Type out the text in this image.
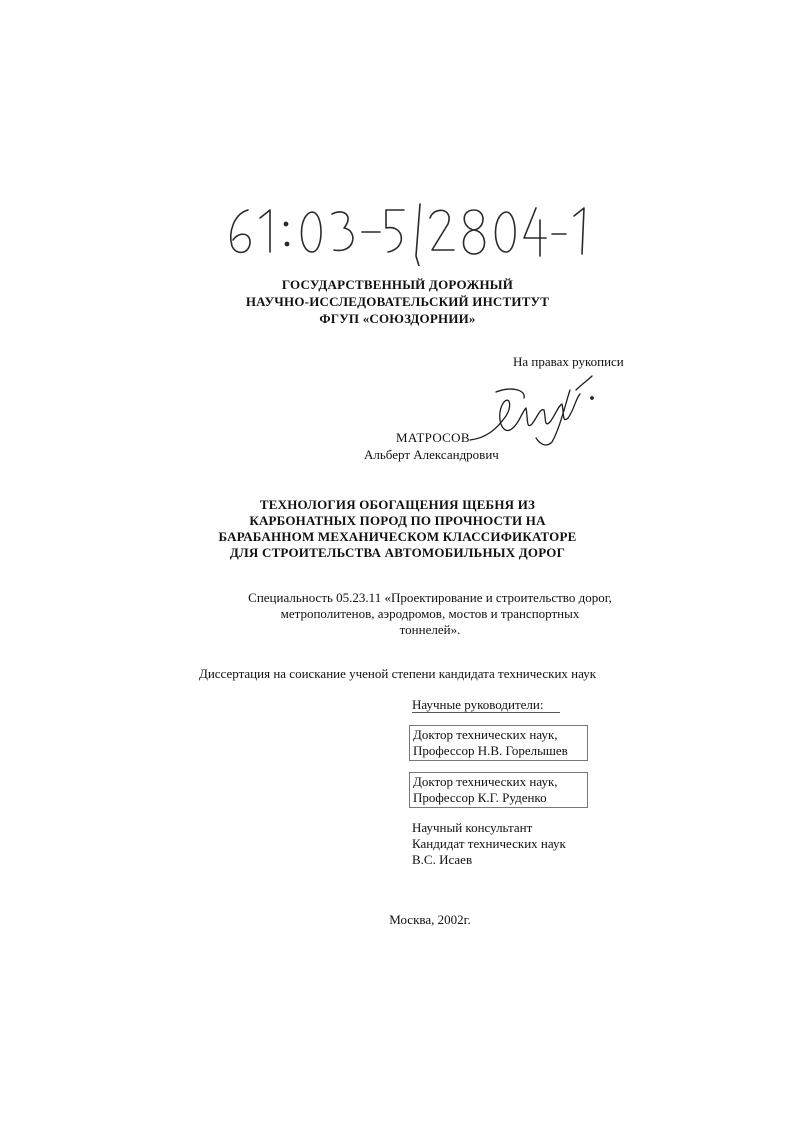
ГОСУДАРСТВЕННЫЙ ДОРОЖНЫЙ
НАУЧНО-ИССЛЕДОВАТЕЛЬСКИЙ ИНСТИТУТ
ФГУП «СОЮЗДОРНИИ»
На правах рукописи
МАТРОСОВ
Альберт Александрович
ТЕХНОЛОГИЯ ОБОГАЩЕНИЯ ЩЕБНЯ ИЗ
КАРБОНАТНЫХ ПОРОД ПО ПРОЧНОСТИ НА
БАРАБАННОМ МЕХАНИЧЕСКОМ КЛАССИФИКАТОРЕ
ДЛЯ СТРОИТЕЛЬСТВА АВТОМОБИЛЬНЫХ ДОРОГ
Специальность 05.23.11 «Проектирование и строительство дорог,
метрополитенов, аэродромов, мостов и транспортных
тоннелей».
Диссертация на соискание ученой степени кандидата технических наук
Научные руководители:
Доктор технических наук,
Профессор Н.В. Горелышев
Доктор технических наук,
Профессор К.Г. Руденко
Научный консультант
Кандидат технических наук
В.С. Исаев
Москва, 2002г.
